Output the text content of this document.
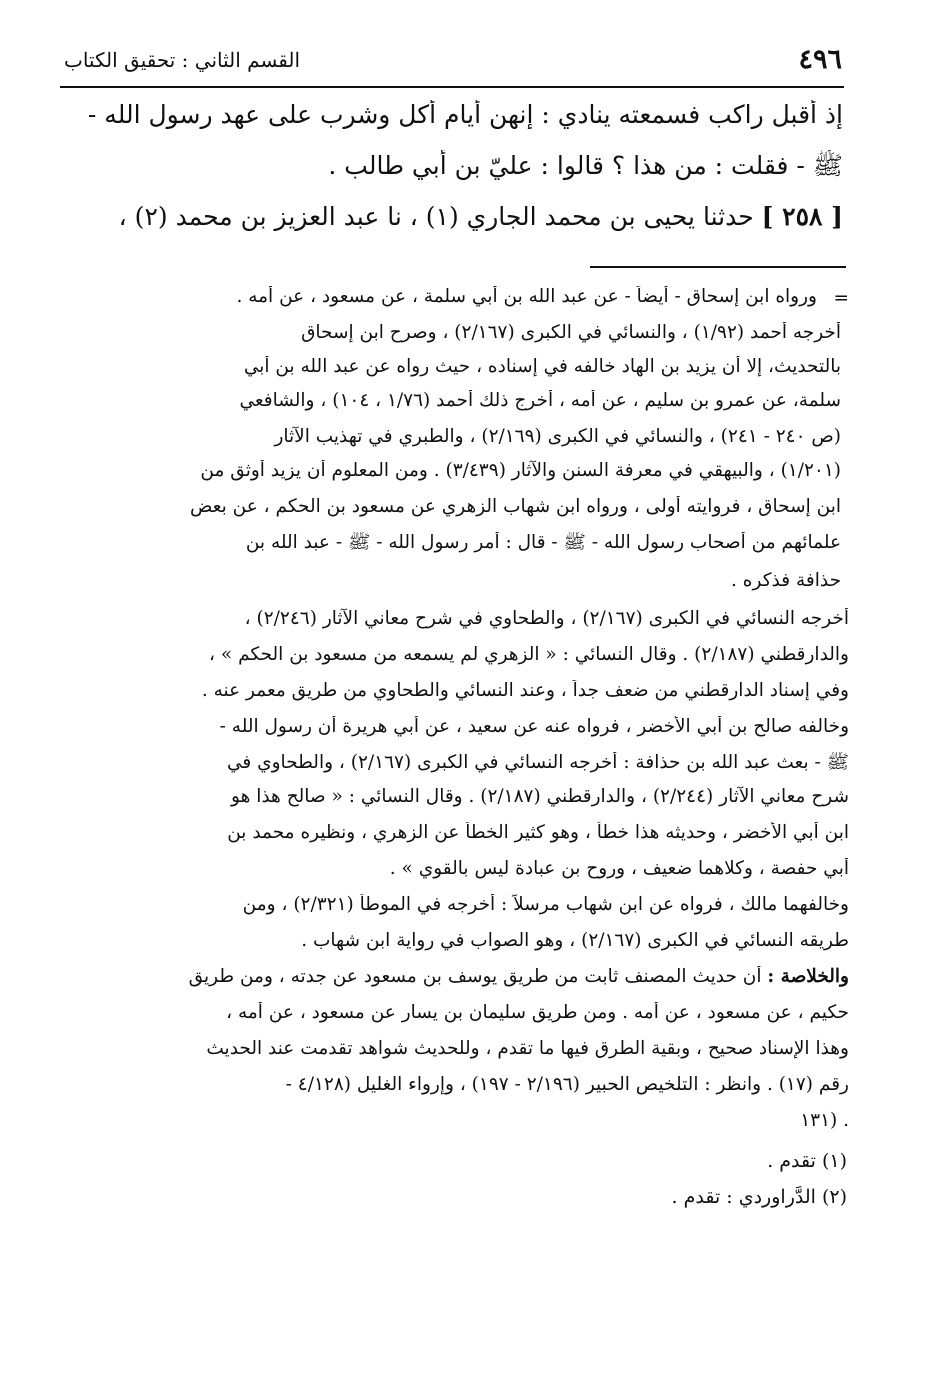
٤٩٦
القسم الثاني : تحقيق الكتاب
إذ أقبل راكب فسمعته ينادي : إنهن أيام أكل وشرب على عهد رسول الله -
ﷺ - فقلت : من هذا ؟ قالوا : عليّ بن أبي طالب .
[ ٢٥٨ ] حدثنا يحيى بن محمد الجاري (١) ، نا عبد العزيز بن محمد (٢) ،
=
ورواه ابن إسحاق - أيضاً - عن عبد الله بن أبي سلمة ، عن مسعود ، عن أمه .
أخرجه أحمد (١/٩٢) ، والنسائي في الكبرى (٢/١٦٧) ، وصرح ابن إسحاق
بالتحديث، إلا أن يزيد بن الهاد خالفه في إسناده ، حيث رواه عن عبد الله بن أبي
سلمة، عن عمرو بن سليم ، عن أمه ، أخرج ذلك أحمد (١/٧٦ ، ١٠٤) ، والشافعي
(ص ٢٤٠ - ٢٤١) ، والنسائي في الكبرى (٢/١٦٩) ، والطبري في تهذيب الآثار
(١/٢٠١) ، والبيهقي في معرفة السنن والآثار (٣/٤٣٩) . ومن المعلوم أن يزيد أوثق من
ابن إسحاق ، فروايته أولى ، ورواه ابن شهاب الزهري عن مسعود بن الحكم ، عن بعض
علمائهم من أصحاب رسول الله - ﷺ - قال : أمر رسول الله - ﷺ - عبد الله بن
حذافة فذكره .
أخرجه النسائي في الكبرى (٢/١٦٧) ، والطحاوي في شرح معاني الآثار (٢/٢٤٦) ،
والدارقطني (٢/١٨٧) . وقال النسائي : « الزهري لم يسمعه من مسعود بن الحكم » ،
وفي إسناد الدارقطني من ضعف جداً ، وعند النسائي والطحاوي من طريق معمر عنه .
وخالفه صالح بن أبي الأخضر ، فرواه عنه عن سعيد ، عن أبي هريرة أن رسول الله -
ﷺ - بعث عبد الله بن حذافة : أخرجه النسائي في الكبرى (٢/١٦٧) ، والطحاوي في
شرح معاني الآثار (٢/٢٤٤) ، والدارقطني (٢/١٨٧) . وقال النسائي : « صالح هذا هو
ابن أبي الأخضر ، وحديثه هذا خطأ ، وهو كثير الخطأ عن الزهري ، ونظيره محمد بن
أبي حفصة ، وكلاهما ضعيف ، وروح بن عبادة ليس بالقوي » .
وخالفهما مالك ، فرواه عن ابن شهاب مرسلاً : أخرجه في الموطأ (٢/٣٢١) ، ومن
طريقه النسائي في الكبرى (٢/١٦٧) ، وهو الصواب في رواية ابن شهاب .
والخلاصة : أن حديث المصنف ثابت من طريق يوسف بن مسعود عن جدته ، ومن طريق
حكيم ، عن مسعود ، عن أمه . ومن طريق سليمان بن يسار عن مسعود ، عن أمه ،
وهذا الإسناد صحيح ، وبقية الطرق فيها ما تقدم ، وللحديث شواهد تقدمت عند الحديث
رقم (١٧) . وانظر : التلخيص الحبير (٢/١٩٦ - ١٩٧) ، وإرواء الغليل (٤/١٢٨ -
١٣١) .
(١) تقدم .
(٢) الدَّراوردي : تقدم .
